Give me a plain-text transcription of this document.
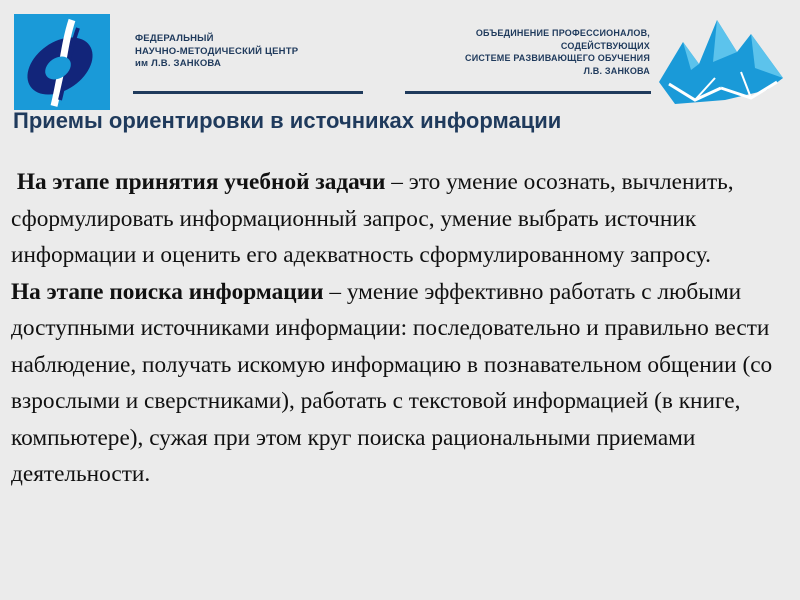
ФЕДЕРАЛЬНЫЙ
НАУЧНО-МЕТОДИЧЕСКИЙ ЦЕНТР
им Л.В. ЗАНКОВА
ОБЪЕДИНЕНИЕ ПРОФЕССИОНАЛОВ,
СОДЕЙСТВУЮЩИХ
СИСТЕМЕ РАЗВИВАЮЩЕГО ОБУЧЕНИЯ
Л.В. ЗАНКОВА
Приемы ориентировки в источниках информации

На этапе принятия учебной задачи – это умение осознать, вычленить, сформулировать информационный запрос, умение выбрать источник информации и оценить его адекватность сформулированному запросу.

На этапе поиска информации – умение эффективно работать с любыми доступными источниками информации: последовательно и правильно вести наблюдение, получать искомую информацию в познавательном общении (со взрослыми и сверстниками), работать с текстовой информацией (в книге, компьютере), сужая при этом круг поиска рациональными приемами деятельности.
